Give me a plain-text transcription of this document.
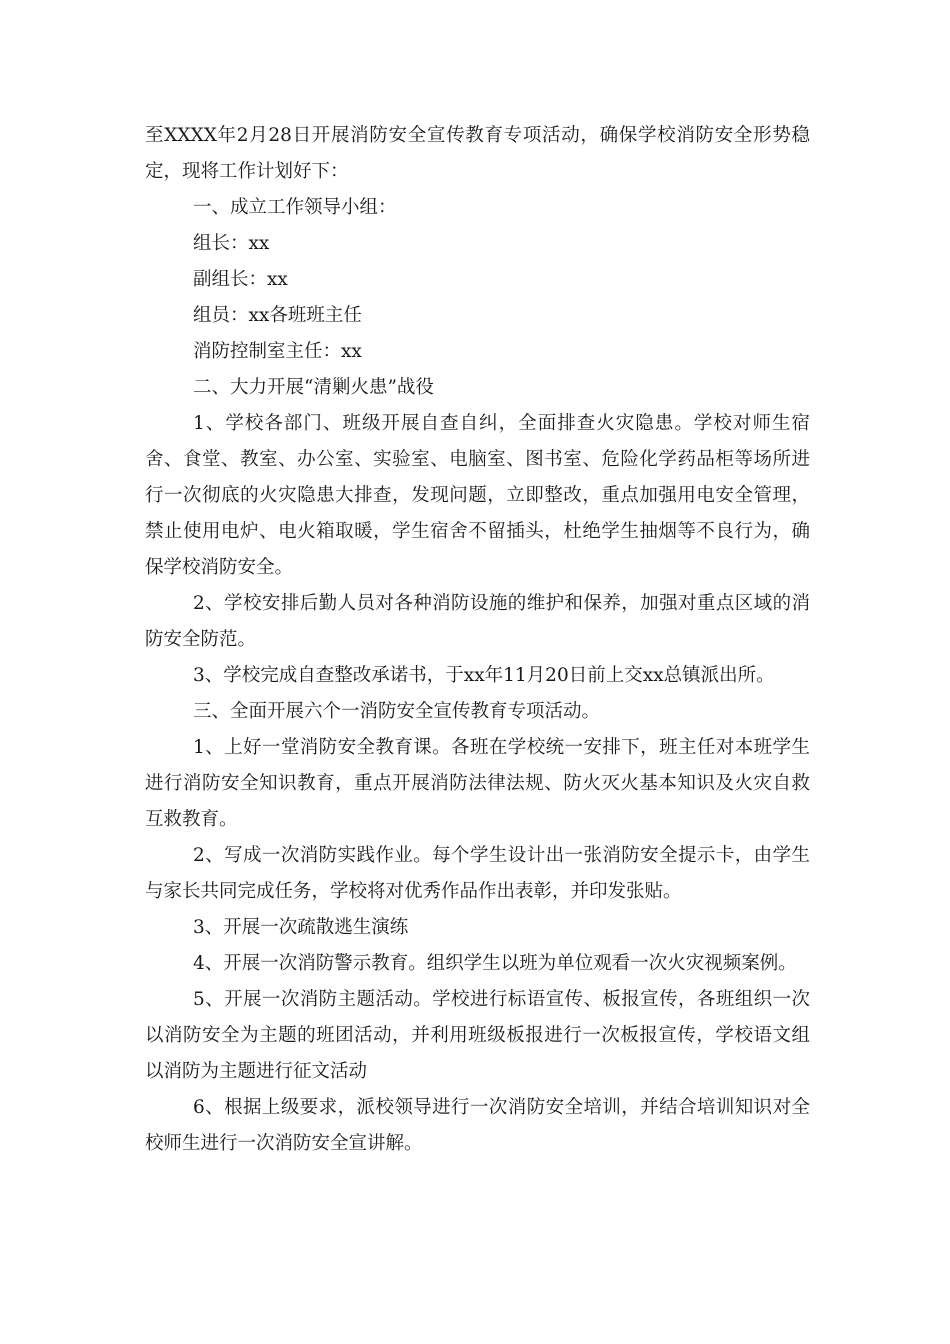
至XXXX年2月28日开展消防安全宣传教育专项活动，确保学校消防安全形势稳定，现将工作计划好下：

一、成立工作领导小组：

组长：xx

副组长：xx

组员：xx各班班主任

消防控制室主任：xx

二、大力开展“清剿火患”战役

1、学校各部门、班级开展自查自纠，全面排查火灾隐患。学校对师生宿舍、食堂、教室、办公室、实验室、电脑室、图书室、危险化学药品柜等场所进行一次彻底的火灾隐患大排查，发现问题，立即整改，重点加强用电安全管理，禁止使用电炉、电火箱取暖，学生宿舍不留插头，杜绝学生抽烟等不良行为，确保学校消防安全。

2、学校安排后勤人员对各种消防设施的维护和保养，加强对重点区域的消防安全防范。

3、学校完成自查整改承诺书，于xx年11月20日前上交xx总镇派出所。

三、全面开展六个一消防安全宣传教育专项活动。

1、上好一堂消防安全教育课。各班在学校统一安排下，班主任对本班学生进行消防安全知识教育，重点开展消防法律法规、防火灭火基本知识及火灾自救互救教育。

2、写成一次消防实践作业。每个学生设计出一张消防安全提示卡，由学生与家长共同完成任务，学校将对优秀作品作出表彰，并印发张贴。

3、开展一次疏散逃生演练

4、开展一次消防警示教育。组织学生以班为单位观看一次火灾视频案例。

5、开展一次消防主题活动。学校进行标语宣传、板报宣传，各班组织一次以消防安全为主题的班团活动，并利用班级板报进行一次板报宣传，学校语文组以消防为主题进行征文活动

6、根据上级要求，派校领导进行一次消防安全培训，并结合培训知识对全校师生进行一次消防安全宣讲解。
